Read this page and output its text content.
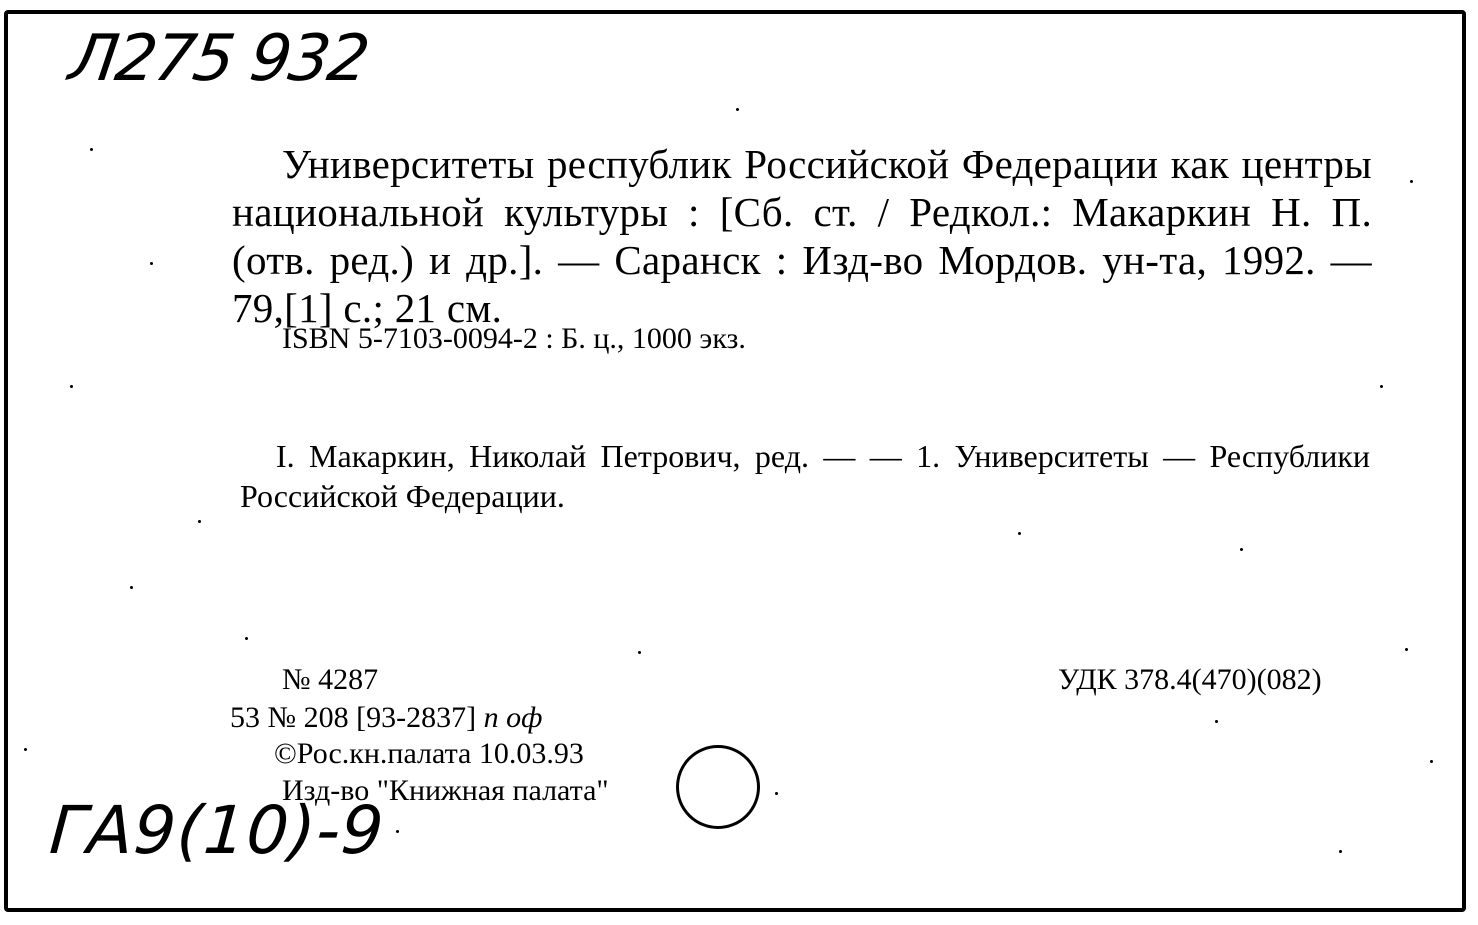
Л275 932
Университеты республик Российской Федерации как центры национальной культуры : [Сб. ст. / Редкол.: Макаркин Н. П. (отв. ред.) и др.]. — Саранск : Изд-во Мордов. ун-та, 1992. — 79,[1] с.; 21 см.
ISBN 5-7103-0094-2 : Б. ц., 1000 экз.
I. Макаркин, Николай Петрович, ред. — — 1. Университеты — Республики Российской Федерации.
№ 4287	УДК 378.4(470)(082)
53 № 208 [93-2837] п оф
©Рос.кн.палата 10.03.93
Изд-во "Книжная палата"
ГА9(10)-9
